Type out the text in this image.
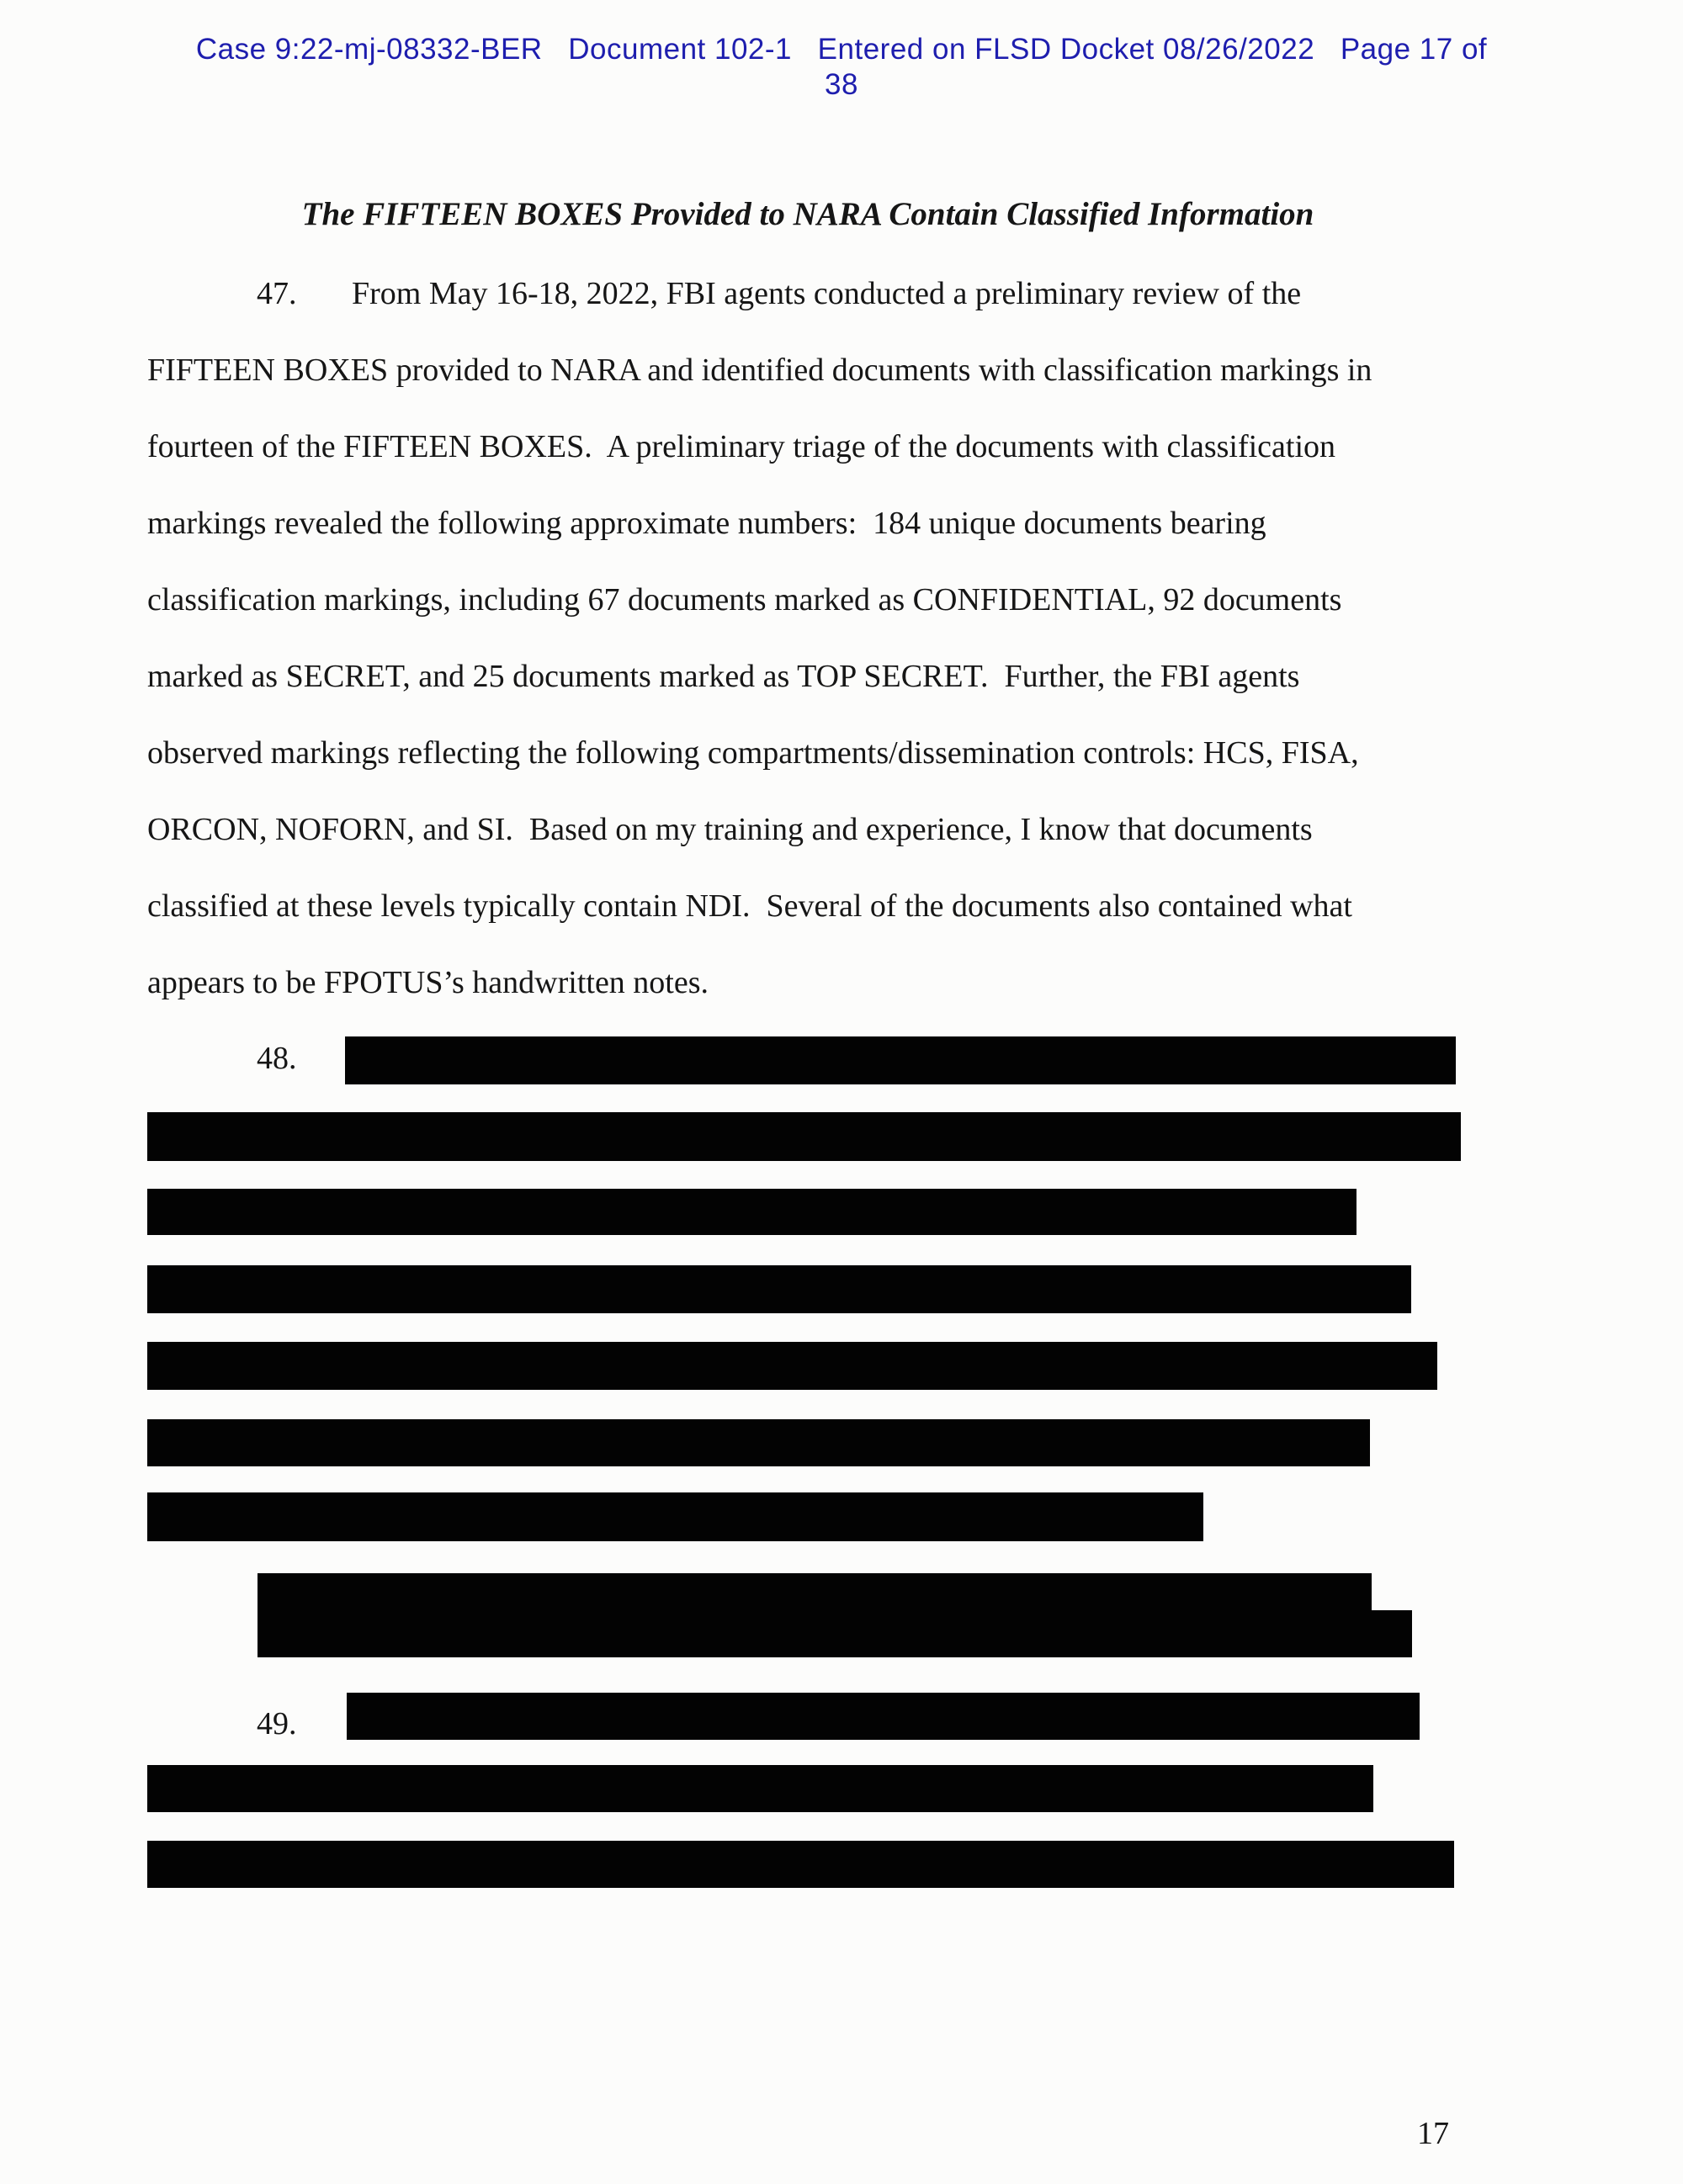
Case 9:22-mj-08332-BER   Document 102-1   Entered on FLSD Docket 08/26/2022   Page 17 of
38
The FIFTEEN BOXES Provided to NARA Contain Classified Information
47. From May 16-18, 2022, FBI agents conducted a preliminary review of the
FIFTEEN BOXES provided to NARA and identified documents with classification markings in
fourteen of the FIFTEEN BOXES.  A preliminary triage of the documents with classification
markings revealed the following approximate numbers:  184 unique documents bearing
classification markings, including 67 documents marked as CONFIDENTIAL, 92 documents
marked as SECRET, and 25 documents marked as TOP SECRET.  Further, the FBI agents
observed markings reflecting the following compartments/dissemination controls: HCS, FISA,
ORCON, NOFORN, and SI.  Based on my training and experience, I know that documents
classified at these levels typically contain NDI.  Several of the documents also contained what
appears to be FPOTUS’s handwritten notes.
48.
49.
17
